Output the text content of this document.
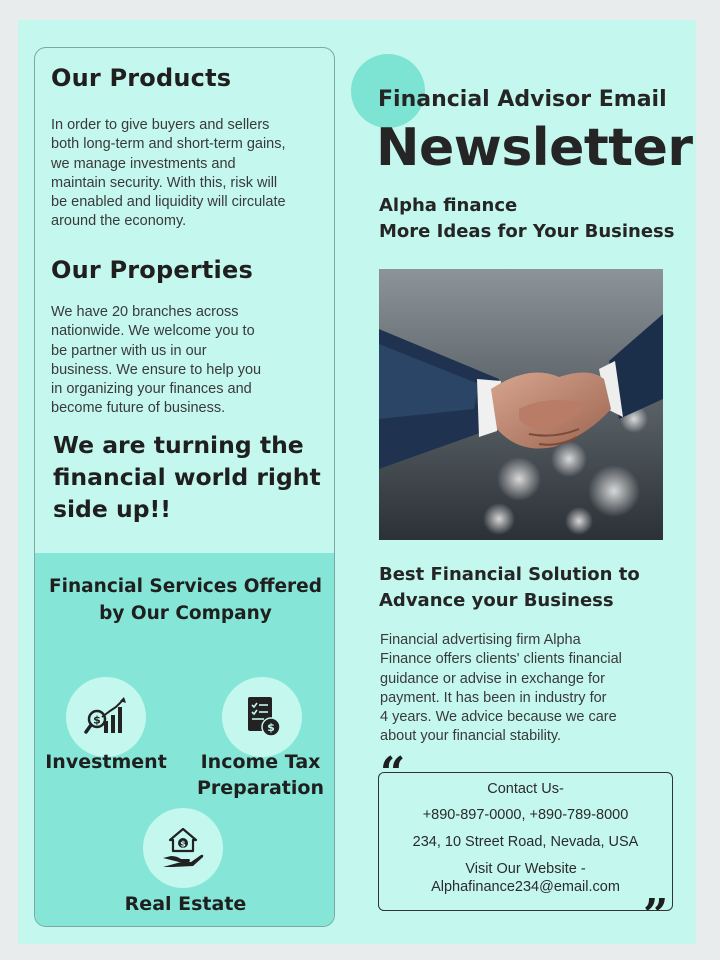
Our Products
In order to give buyers and sellers
both long-term and short-term gains,
we manage investments and
maintain security. With this, risk will
be enabled and liquidity will circulate
around the economy.
Our Properties
We have 20 branches across
nationwide. We welcome you to
be partner with us in our
business. We ensure to help you
in organizing your finances and
become future of business.
We are turning the
financial world right
side up!!
Financial Services Offered
by Our Company
$
Investment
$
Income Tax
Preparation
$
Real Estate
Financial Advisor Email
Newsletter
Alpha finance
More Ideas for Your Business
Best Financial Solution to
Advance your Business
Financial advertising firm Alpha
Finance offers clients' clients financial
guidance or advise in exchange for
payment. It has been in industry for
4 years. We advice because we care
about your financial stability.
“	Contact Us-
+890-897-0000, +890-789-8000
234, 10 Street Road, Nevada, USA
Visit Our Website -
Alphafinance234@email.com
”
